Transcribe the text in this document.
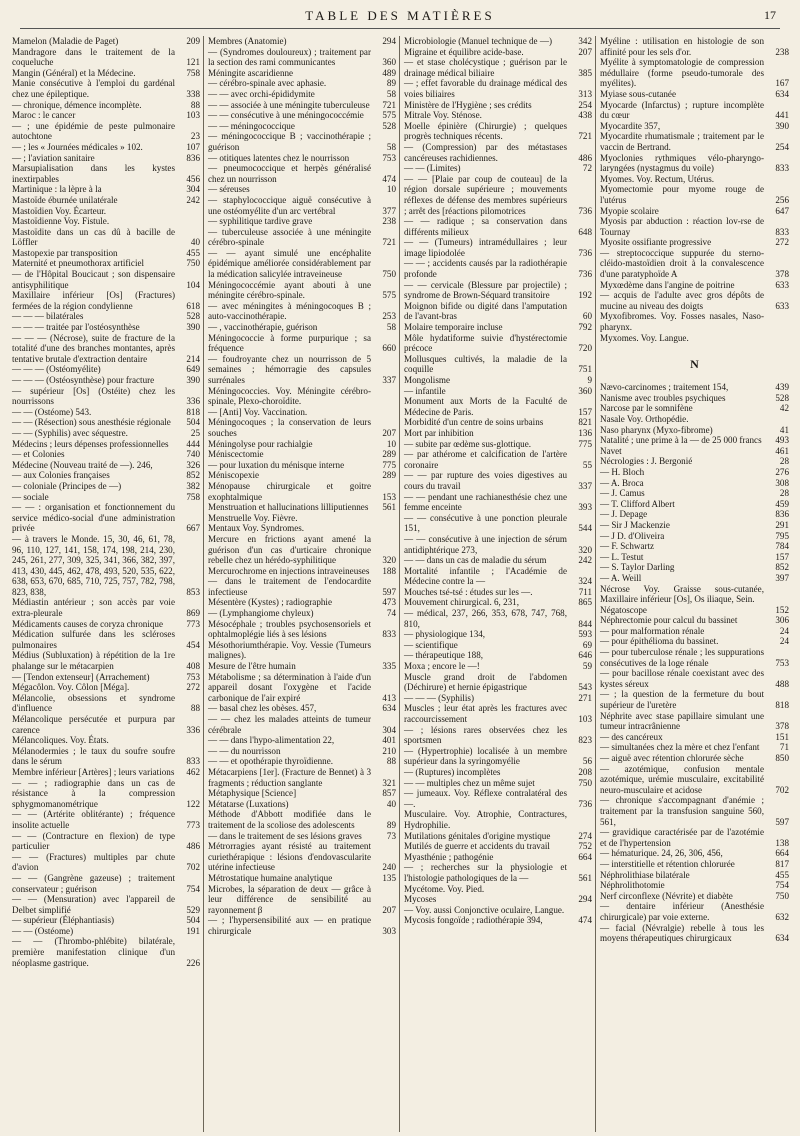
TABLE DES MATIÈRES	17
Mamelon (Maladie de Paget)	209
Mandragore dans le traitement de la coqueluche	121
Mangin (Général) et la Médecine.	758
Manie consécutive à l'emploi du gardénal chez une épileptique.	338
— chronique, démence incomplète.	88
Maroc : le cancer	103
— ; une épidémie de peste pulmonaire autochtone	23
— ; les « Journées médicales » 102.	107
— ; l'aviation sanitaire	836
Marsupialisation dans les kystes inextirpables	456
Martinique : la lèpre à la	304
Mastoïde éburnée unilatérale	242
Mastoïdien Voy. Écarteur.
Mastoïdienne Voy. Fistule.
Mastoïdite dans un cas dû à bacille de Löffler	40
Mastopexie par transposition	455
Maternité et pneumothorax artificiel	750
— de l'Hôpital Boucicaut ; son dispensaire antisyphilitique	104
Maxillaire inférieur [Os] (Fractures) fermées de la région condylienne	618
— — — bilatérales	528
— — — traitée par l'ostéosynthèse	390
— — — (Nécrose), suite de fracture de la totalité d'une des branches montantes, après tentative brutale d'extraction dentaire	214
— — — (Ostéomyélite)	649
— — — (Ostéosynthèse) pour fracture	390
— supérieur [Os] (Ostéite) chez les nourrissons	336
— — (Ostéome) 543.	818
— — (Résection) sous anesthésie régionale	504
— — (Syphilis) avec séquestre.	25
Médecins ; leurs dépenses professionnelles	444
— et Colonies	740
Médecine (Nouveau traité de —). 246,	326
— aux Colonies françaises	852
— coloniale (Principes de —)	382
— sociale	758
— — : organisation et fonctionnement du service médico-social d'une administration privée	667
— à travers le Monde. 15, 30, 46, 61, 78, 96, 110, 127, 141, 158, 174, 198, 214, 230, 245, 261, 277, 309, 325, 341, 366, 382, 397, 413, 430, 445, 462, 478, 493, 520, 535, 622, 638, 653, 670, 685, 710, 725, 757, 782, 798, 823, 838,	853
Médiastin antérieur ; son accès par voie extra-pleurale	869
Médicaments causes de coryza chronique	773
Médication sulfurée dans les scléroses pulmonaires	454
Médius (Subluxation) à répétition de la 1re phalange sur le métacarpien	408
— [Tendon extenseur] (Arrachement)	753
Mégacôlon. Voy. Côlon [Méga].	272
Mélancolie, obsessions et syndrome d'influence	88
Mélancolique persécutée et purpura par carence	336
Mélancoliques. Voy. États.
Mélanodermies ; le taux du soufre soufre dans le sérum	833
Membre inférieur [Artères] ; leurs variations	462
— — ; radiographie dans un cas de résistance à la compression sphygmomanométrique	122
— — (Artérite oblitérante) ; fréquence insolite actuelle	773
— — (Contracture en flexion) de type particulier	486
— — (Fractures) multiples par chute d'avion	702
— — (Gangrène gazeuse) ; traitement conservateur ; guérison	754
— — (Mensuration) avec l'appareil de Delbet simplifié	529
— supérieur (Éléphantiasis)	504
— — (Ostéome)	191
— — (Thrombo-phlébite) bilatérale, première manifestation clinique d'un néoplasme gastrique.	226
Membres (Anatomie)	294
— (Syndromes douloureux) ; traitement par la section des rami communicantes	360
Méningite ascaridienne	489
— cérébro-spinale avec aphasie.	89
— — avec orchi-épididymite	58
— — associée à une méningite tuberculeuse	721
— — consécutive à une méningococcémie	575
— — méningococcique	528
— méningococcique B ; vaccinothérapie ; guérison	58
— otitiques latentes chez le nourrisson	753
— pneumococcique et herpès généralisé chez un nourrisson	474
— séreuses	10
— staphylococcique aiguë consécutive à une ostéomyélite d'un arc vertébral	377
— syphilitique tardive grave	238
— tuberculeuse associée à une méningite cérébro-spinale	721
— — ayant simulé une encéphalite épidémique améliorée considérablement par la médication salicylée intraveineuse	750
Méningococcémie ayant abouti à une méningite cérébro-spinale.	575
— avec méningites à méningocoques B ; auto-vaccinothérapie.	253
— , vaccinothérapie, guérison	58
Méningococcie à forme purpurique ; sa fréquence	660
— foudroyante chez un nourrisson de 5 semaines ; hémorragie des capsules surrénales	337
Méningococcies. Voy. Méningite cérébro-spinale, Plexo-choroïdite.
— [Anti] Voy. Vaccination.
Méningocoques ; la conservation de leurs souches	207
Méningolyse pour rachialgie	10
Méniscectomie	289
— pour luxation du ménisque interne	775
Méniscopexie	289
Ménopause chirurgicale et goitre exophtalmique	153
Menstruation et hallucinations lilliputiennes	561
Menstruelle Voy. Fièvre.
Mentaux Voy. Syndromes.
Mercure en frictions ayant amené la guérison d'un cas d'urticaire chronique rebelle chez un hérédo-syphilitique	320
Mercurochrome en injections intraveineuses	188
— dans le traitement de l'endocardite infectieuse	597
Mésentère (Kystes) ; radiographie	473
— (Lymphangiome chyleux)	74
Mésocéphale ; troubles psychosensoriels et ophtalmoplégie liés à ses lésions	833
Mésothoriumthérapie. Voy. Vessie (Tumeurs malignes).
Mesure de l'être humain	335
Métabolisme ; sa détermination à l'aide d'un appareil dosant l'oxygène et l'acide carbonique de l'air expiré	413
— basal chez les obèses. 457,	634
— — chez les malades atteints de tumeur cérébrale	304
— — dans l'hypo-alimentation 22,	401
— — du nourrisson	210
— — et opothérapie thyroïdienne.	88
Métacarpiens [1er]. (Fracture de Bennet) à 3 fragments ; réduction sanglante	321
Métaphysique [Science]	857
Métatarse (Luxations)	40
Méthode d'Abbott modifiée dans le traitement de la scoliose des adolescents	89
— dans le traitement de ses lésions graves	73
Métrorragies ayant résisté au traitement curiethérapique : lésions d'endovascularite utérine infectieuse	240
Métrostatique humaine analytique	135
Microbes, la séparation de deux — grâce à leur différence de sensibilité au rayonnement β	207
— ; l'hypersensibilité aux — en pratique chirurgicale	303
Microbiologie (Manuel technique de —)	342
Migraine et équilibre acide-base.	207
— et stase cholécystique ; guérison par le drainage médical biliaire	385
— ; effet favorable du drainage médical des voies biliaires	313
Ministère de l'Hygiène ; ses crédits	254
Mitrale Voy. Sténose.	438
Moelle épinière (Chirurgie) ; quelques progrès techniques récents.	721
— (Compression) par des métastases cancéreuses rachidiennes.	486
— — (Limites)	72
— — [Plaie par coup de couteau] de la région dorsale supérieure ; mouvements réflexes de défense des membres supérieurs ; arrêt des [réactions pilomotrices	736
— — radique ; sa conservation dans différents milieux	648
— — (Tumeurs) intramédullaires ; leur image lipiodolée	736
— — ; accidents causés par la radiothérapie profonde	736
— — cervicale (Blessure par projectile) ; syndrome de Brown-Séquard transitoire	192
Moignon bifide ou digité dans l'amputation de l'avant-bras	60
Molaire temporaire incluse	792
Môle hydatiforme suivie d'hystérectomie précoce	720
Mollusques cultivés, la maladie de la coquille	751
Mongolisme	9
— infantile	360
Monument aux Morts de la Faculté de Médecine de Paris.	157
Morbidité d'un centre de soins urbains	821
Mort par inhibition	136
— subite par œdème sus-glottique.	775
— par athérome et calcification de l'artère coronaire	55
— — par rupture des voies digestives au cours du travail	337
— — pendant une rachianesthésie chez une femme enceinte	393
— — consécutive à une ponction pleurale 151,	544
— — consécutive à une injection de sérum antidiphtérique 273,	320
— — dans un cas de maladie du sérum	242
Mortalité infantile ; l'Académie de Médecine contre la —	324
Mouches tsé-tsé : études sur les —.	711
Mouvement chirurgical. 6, 231,	865
— médical, 237, 266, 353, 678, 747, 768, 810,	844
— physiologique 134,	593
— scientifique	69
— thérapeutique 188,	646
Moxa ; encore le —!	59
Muscle grand droit de l'abdomen (Déchirure) et hernie épigastrique	543
— — — (Syphilis)	271
Muscles ; leur état après les fractures avec raccourcissement	103
— ; lésions rares observées chez les sportsmen	823
— (Hypertrophie) localisée à un membre supérieur dans la syringomyélie	56
— (Ruptures) incomplètes	208
— — multiples chez un même sujet	750
— jumeaux. Voy. Réflexe contralatéral des —.	736
Musculaire. Voy. Atrophie, Contractures, Hydrophilie.
Mutilations génitales d'origine mystique	274
Mutilés de guerre et accidents du travail	752
Myasthénie ; pathogénie	664
— ; recherches sur la physiologie et l'histologie pathologiques de la —	561
Mycétome. Voy. Pied.
Mycoses	294
— Voy. aussi Conjonctive oculaire, Langue.
Mycosis fongoïde ; radiothérapie 394,	474
Myéline : utilisation en histologie de son affinité pour les sels d'or.	238
Myélite à symptomatologie de compression médullaire (forme pseudo-tumorale des myélites).	167
Myiase sous-cutanée	634
Myocarde (Infarctus) ; rupture incomplète du cœur	441
Myocardite 357,	390
Myocardite rhumatismale ; traitement par le vaccin de Bertrand.	254
Myoclonies rythmiques vélo-pharyngo-laryngées (nystagmus du voile)	833
Myomes. Voy. Rectum, Utérus.
Myomectomie pour myome rouge de l'utérus	256
Myopie scolaire	647
Myosis par abduction : réaction lov-rse de Tournay	833
Myosite ossifiante progressive	272
— streptococcique suppurée du sterno-cléido-mastoïdien droit à la convalescence d'une paratyphoïde A	378
Myxœdème dans l'angine de poitrine	633
— acquis de l'adulte avec gros dépôts de mucine au niveau des doigts	633
Myxofibromes. Voy. Fosses nasales, Naso-pharynx.
Myxomes. Voy. Langue.
N
Nævo-carcinomes ; traitement 154,	439
Nanisme avec troubles psychiques	528
Narcose par le somnifène	42
Nasale Voy. Orthopédie.
Naso pharynx (Myxo-fibrome)	41
Natalité ; une prime à la — de 25 000 francs	493
Navet	461
Nécrologies : J. Bergonié	28
— H. Bloch	276
— A. Broca	308
— J. Camus	28
— T. Clifford Albert	459
— J. Depage	836
— Sir J Mackenzie	291
— J D. d'Oliveira	795
— F. Schwartz	784
— L. Testut	157
— S. Taylor Darling	852
— A. Weill	397
Nécrose Voy. Graisse sous-cutanée, Maxillaire inférieur [Os], Os iliaque, Sein.
Négatoscope	152
Néphrectomie pour calcul du bassinet	306
— pour malformation rénale	24
— pour épithélioma du bassinet.	24
— pour tuberculose rénale ; les suppurations consécutives de la loge rénale	753
— pour bacillose rénale coexistant avec des kystes séreux	488
— ; la question de la fermeture du bout supérieur de l'uretère	818
Néphrite avec stase papillaire simulant une tumeur intracrânienne	378
— des cancéreux	151
— simultanées chez la mère et chez l'enfant	71
— aiguë avec rétention chlorurée sèche	850
— azotémique, confusion mentale azotémique, urémie musculaire, excitabilité neuro-musculaire et acidose	702
— chronique s'accompagnant d'anémie ; traitement par la transfusion sanguine 560, 561,	597
— gravidique caractérisée par de l'azotémie et de l'hypertension	138
— hématurique. 24, 26, 306, 456,	664
— interstitielle et rétention chlorurée	817
Néphrolithiase bilatérale	455
Néphrolithotomie	754
Nerf circonflexe (Névrite) et diabète	750
— dentaire inférieur (Anesthésie chirurgicale) par voie externe.	632
— facial (Névralgie) rebelle à tous les moyens thérapeutiques chirurgicaux	634
